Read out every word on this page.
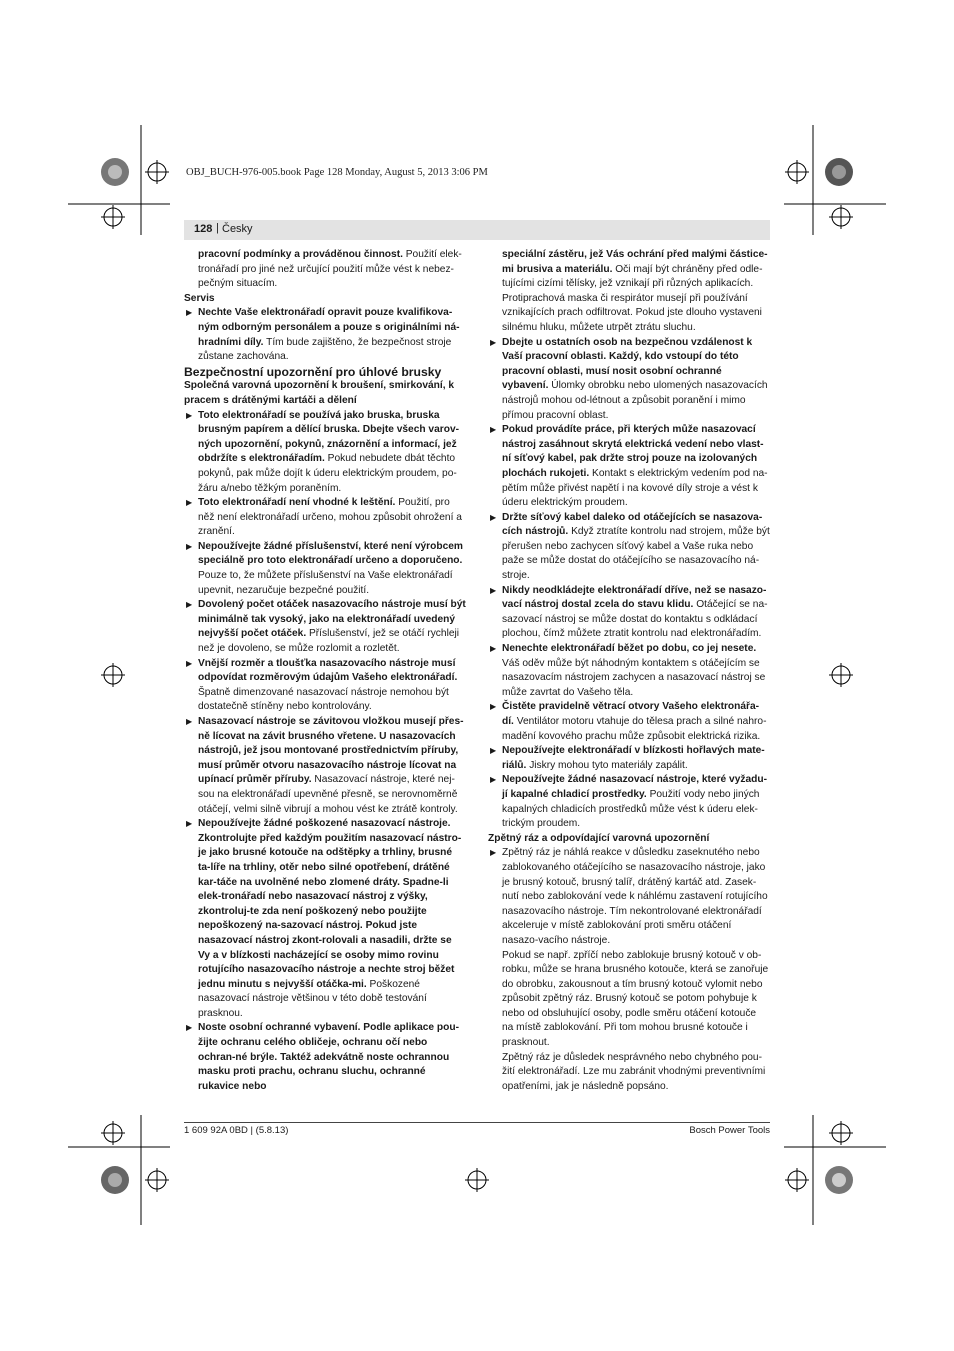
OBJ_BUCH-976-005.book Page 128 Monday, August 5, 2013 3:06 PM
128 | Česky

pracovní podmínky a prováděnou činnost. Použití elek-tronářadí pro jiné než určující použití může vést k nebez-pečným situacím.

Servis

▶ Nechte Vaše elektronářadí opravit pouze kvalifikova-ným odborným personálem a pouze s originálními ná-hradními díly. Tím bude zajištěno, že bezpečnost stroje zůstane zachována.

Bezpečnostní upozornění pro úhlové brusky

Společná varovná upozornění k broušení, smirkování, k pracem s drátěnými kartáči a dělení

▶ Toto elektronářadí se používá jako bruska, bruska brusným papírem a dělící bruska. Dbejte všech varov-ných upozornění, pokynů, znázornění a informací, jež obdržíte s elektronářadím. Pokud nebudete dbát těchto pokynů, pak může dojít k úderu elektrickým proudem, po-žáru a/nebo těžkým poraněním.

▶ Toto elektronářadí není vhodné k leštění. Použití, pro něž není elektronářadí určeno, mohou způsobit ohrožení a zranění.

▶ Nepoužívejte žádné příslušenství, které není výrobcem speciálně pro toto elektronářadí určeno a doporučeno. Pouze to, že můžete příslušenství na Vaše elektronářadí upevnit, nezaručuje bezpečné použití.

▶ Dovolený počet otáček nasazovacího nástroje musí být minimálně tak vysoký, jako na elektronářadí uvedený nejvyšší počet otáček. Příslušenství, jež se otáčí rychleji než je dovoleno, se může rozlomit a rozletět.

▶ Vnější rozměr a tloušťka nasazovacího nástroje musí odpovídat rozměrovým údajům Vašeho elektronářadí. Špatně dimenzované nasazovací nástroje nemohou být dostatečně stíněny nebo kontrolovány.

▶ Nasazovací nástroje se závitovou vložkou musejí přes-ně lícovat na závit brusného vřetene. U nasazovacích nástrojů, jež jsou montované prostřednictvím příruby, musí průměr otvoru nasazovacího nástroje lícovat na upínací průměr příruby. Nasazovací nástroje, které nej-sou na elektronářadí upevněné přesně, se nerovnoměrně otáčejí, velmi silně vibrují a mohou vést ke ztrátě kontroly.

▶ Nepoužívejte žádné poškozené nasazovací nástroje. Zkontrolujte před každým použitím nasazovací nástro-je jako brusné kotouče na odštěpky a trhliny, brusné ta-líře na trhliny, otěr nebo silné opotřebení, drátěné kar-táče na uvolněné nebo zlomené dráty. Spadne-li elek-tronářadí nebo nasazovací nástroj z výšky, zkontroluj-te zda není poškozený nebo použijte nepoškozený na-sazovací nástroj. Pokud jste nasazovací nástroj zkont-rolovali a nasadili, držte se Vy a v blízkosti nacházející se osoby mimo rovinu rotujícího nasazovacího nástroje a nechte stroj běžet jednu minutu s nejvyšší otáčka-mi. Poškozené nasazovací nástroje většinou v této době testování prasknou.

▶ Noste osobní ochranné vybavení. Podle aplikace pou-žijte ochranu celého obličeje, ochranu očí nebo ochran-né brýle. Taktéž adekvátně noste ochrannou masku proti prachu, ochranu sluchu, ochranné rukavice nebo

speciální zástěru, jež Vás ochrání před malými částice-mi brusiva a materiálu. Oči mají být chráněny před odle-tujícími cizími tělísky, jež vznikají při různých aplikacích. Protiprachová maska či respirátor musejí při používání vznikajících prach odfiltrovat. Pokud jste dlouho vystaveni silnému hluku, můžete utrpět ztrátu sluchu.

▶ Dbejte u ostatních osob na bezpečnou vzdálenost k Vaší pracovní oblasti. Každý, kdo vstoupí do této pracovní oblasti, musí nosit osobní ochranné vybavení. Úlomky obrobku nebo ulomených nasazovacích nástrojů mohou od-létnout a způsobit poranění i mimo přímou pracovní oblast.

▶ Pokud provádíte práce, při kterých může nasazovací nástroj zasáhnout skrytá elektrická vedení nebo vlast-ní síťový kabel, pak držte stroj pouze na izolovaných plochách rukojeti. Kontakt s elektrickým vedením pod na-pětím může přivést napětí i na kovové díly stroje a vést k úderu elektrickým proudem.

▶ Držte síťový kabel daleko od otáčejících se nasazova-cích nástrojů. Když ztratíte kontrolu nad strojem, může být přerušen nebo zachycen síťový kabel a Vaše ruka nebo paže se může dostat do otáčejícího se nasazovacího ná-stroje.

▶ Nikdy neodkládejte elektronářadí dříve, než se nasazo-vací nástroj dostal zcela do stavu klidu. Otáčející se na-sazovací nástroj se může dostat do kontaktu s odkládací plochou, čímž můžete ztratit kontrolu nad elektronářadím.

▶ Nenechte elektronářadí běžet po dobu, co jej nesete. Váš oděv může být náhodným kontaktem s otáčejícím se nasazovacím nástrojem zachycen a nasazovací nástroj se může zavrtat do Vašeho těla.

▶ Čistěte pravidelně větrací otvory Vašeho elektronářa-dí. Ventilátor motoru vtahuje do tělesa prach a silné nahro-madění kovového prachu může způsobit elektrická rizika.

▶ Nepoužívejte elektronářadí v blízkosti hořlavých mate-riálů. Jiskry mohou tyto materiály zapálit.

▶ Nepoužívejte žádné nasazovací nástroje, které vyžadu-jí kapalné chladicí prostředky. Použití vody nebo jiných kapalných chladicích prostředků může vést k úderu elek-trickým proudem.

Zpětný ráz a odpovídající varovná upozornění

▶ Zpětný ráz je náhlá reakce v důsledku zaseknutého nebo zablokovaného otáčejícího se nasazovacího nástroje, jako je brusný kotouč, brusný talíř, drátěný kartáč atd. Zasek-nutí nebo zablokování vede k náhlému zastavení rotujícího nasazovacího nástroje. Tím nekontrolované elektronářadí akceleruje v místě zablokování proti směru otáčení nasazo-vacího nástroje.

Pokud se např. zpříčí nebo zablokuje brusný kotouč v ob-robku, může se hrana brusného kotouče, která se zanořuje do obrobku, zakousnout a tím brusný kotouč vylomit nebo způsobit zpětný ráz. Brusný kotouč se potom pohybuje k nebo od obsluhující osoby, podle směru otáčení kotouče na místě zablokování. Při tom mohou brusné kotouče i prasknout.

Zpětný ráz je důsledek nesprávného nebo chybného pou-žití elektronářadí. Lze mu zabránit vhodnými preventivními opatřeními, jak je následně popsáno.

1 609 92A 0BD | (5.8.13)	Bosch Power Tools
